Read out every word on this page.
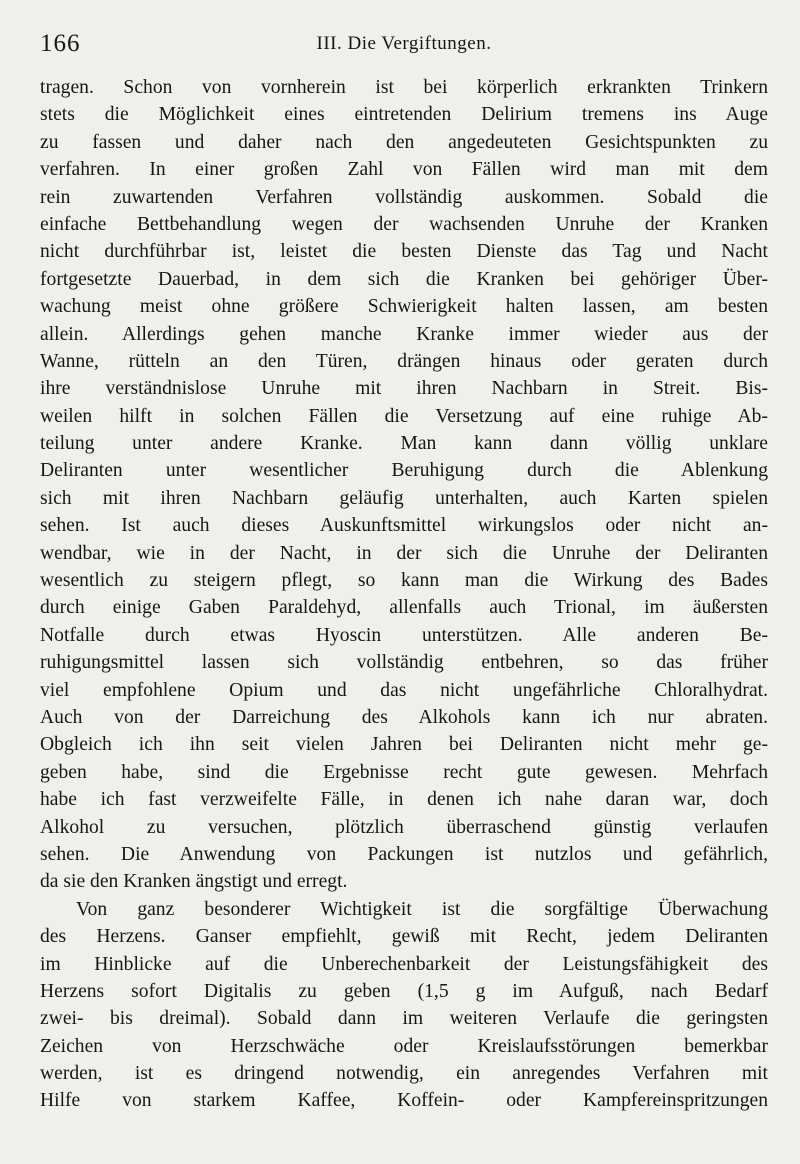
166	III. Die Vergiftungen.
tragen. Schon von vornherein ist bei körperlich erkrankten Trinkern
stets die Möglichkeit eines eintretenden Delirium tremens ins Auge
zu fassen und daher nach den angedeuteten Gesichtspunkten zu
verfahren. In einer großen Zahl von Fällen wird man mit dem
rein zuwartenden Verfahren vollständig auskommen. Sobald die
einfache Bettbehandlung wegen der wachsenden Unruhe der Kranken
nicht durchführbar ist, leistet die besten Dienste das Tag und Nacht
fortgesetzte Dauerbad, in dem sich die Kranken bei gehöriger Über-
wachung meist ohne größere Schwierigkeit halten lassen, am besten
allein. Allerdings gehen manche Kranke immer wieder aus der
Wanne, rütteln an den Türen, drängen hinaus oder geraten durch
ihre verständnislose Unruhe mit ihren Nachbarn in Streit. Bis-
weilen hilft in solchen Fällen die Versetzung auf eine ruhige Ab-
teilung unter andere Kranke. Man kann dann völlig unklare
Deliranten unter wesentlicher Beruhigung durch die Ablenkung
sich mit ihren Nachbarn geläufig unterhalten, auch Karten spielen
sehen. Ist auch dieses Auskunftsmittel wirkungslos oder nicht an-
wendbar, wie in der Nacht, in der sich die Unruhe der Deliranten
wesentlich zu steigern pflegt, so kann man die Wirkung des Bades
durch einige Gaben Paraldehyd, allenfalls auch Trional, im äußersten
Notfalle durch etwas Hyoscin unterstützen. Alle anderen Be-
ruhigungsmittel lassen sich vollständig entbehren, so das früher
viel empfohlene Opium und das nicht ungefährliche Chloralhydrat.
Auch von der Darreichung des Alkohols kann ich nur abraten.
Obgleich ich ihn seit vielen Jahren bei Deliranten nicht mehr ge-
geben habe, sind die Ergebnisse recht gute gewesen. Mehrfach
habe ich fast verzweifelte Fälle, in denen ich nahe daran war, doch
Alkohol zu versuchen, plötzlich überraschend günstig verlaufen
sehen. Die Anwendung von Packungen ist nutzlos und gefährlich,
da sie den Kranken ängstigt und erregt.
Von ganz besonderer Wichtigkeit ist die sorgfältige Überwachung
des Herzens. Ganser empfiehlt, gewiß mit Recht, jedem Deliranten
im Hinblicke auf die Unberechenbarkeit der Leistungsfähigkeit des
Herzens sofort Digitalis zu geben (1,5 g im Aufguß, nach Bedarf
zwei- bis dreimal). Sobald dann im weiteren Verlaufe die geringsten
Zeichen von Herzschwäche oder Kreislaufsstörungen bemerkbar
werden, ist es dringend notwendig, ein anregendes Verfahren mit
Hilfe von starkem Kaffee, Koffein- oder Kampfereinspritzungen
